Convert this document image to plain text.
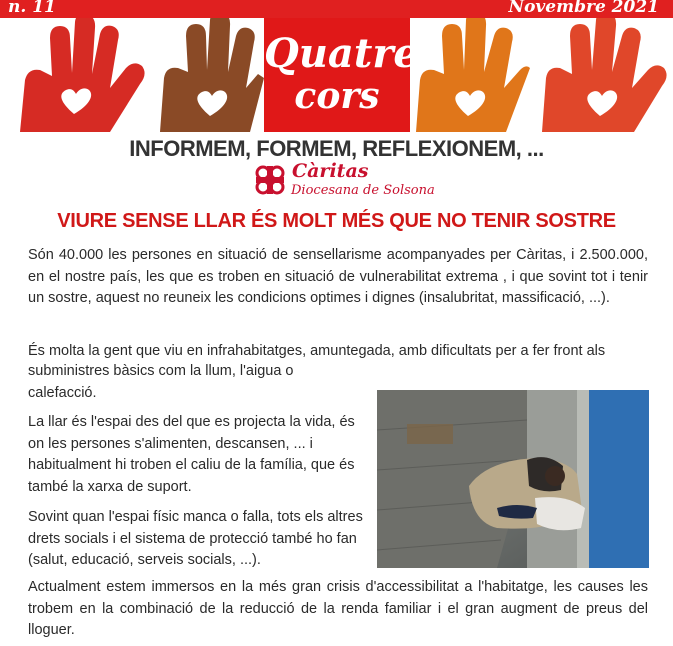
n. 11	Novembre 2021
Quatre
cors
INFORMEM, FORMEM, REFLEXIONEM, ...
Càritas
Diocesana de Solsona
VIURE SENSE LLAR ÉS MOLT MÉS QUE NO TENIR SOSTRE

Són 40.000 les persones en situació de sensellarisme acompanyades per Càritas, i 2.500.000, en el nostre país, les que es troben en situació de vulnerabilitat extrema , i que sovint tot i tenir un sostre, aquest no reuneix les condicions optimes i dignes (insalubritat, massificació, ...).

És molta la gent que viu en infrahabitatges, amuntegada, amb dificultats per a fer front als

subministres bàsics com la llum, l'aigua o calefacció.

La llar és l'espai des del que es projecta la vida, és on les persones s'alimenten, descansen, ... i habitualment hi troben el caliu de la família, que és també la xarxa de suport.

Sovint quan l'espai físic manca o falla, tots els altres drets socials i el sistema de protecció també ho fan (salut, educació, serveis socials, ...).

Actualment estem immersos en la més gran crisis d'accessibilitat a l'habitatge, les causes les trobem en la combinació de la reducció de la renda familiar i el gran augment de preus del lloguer.
